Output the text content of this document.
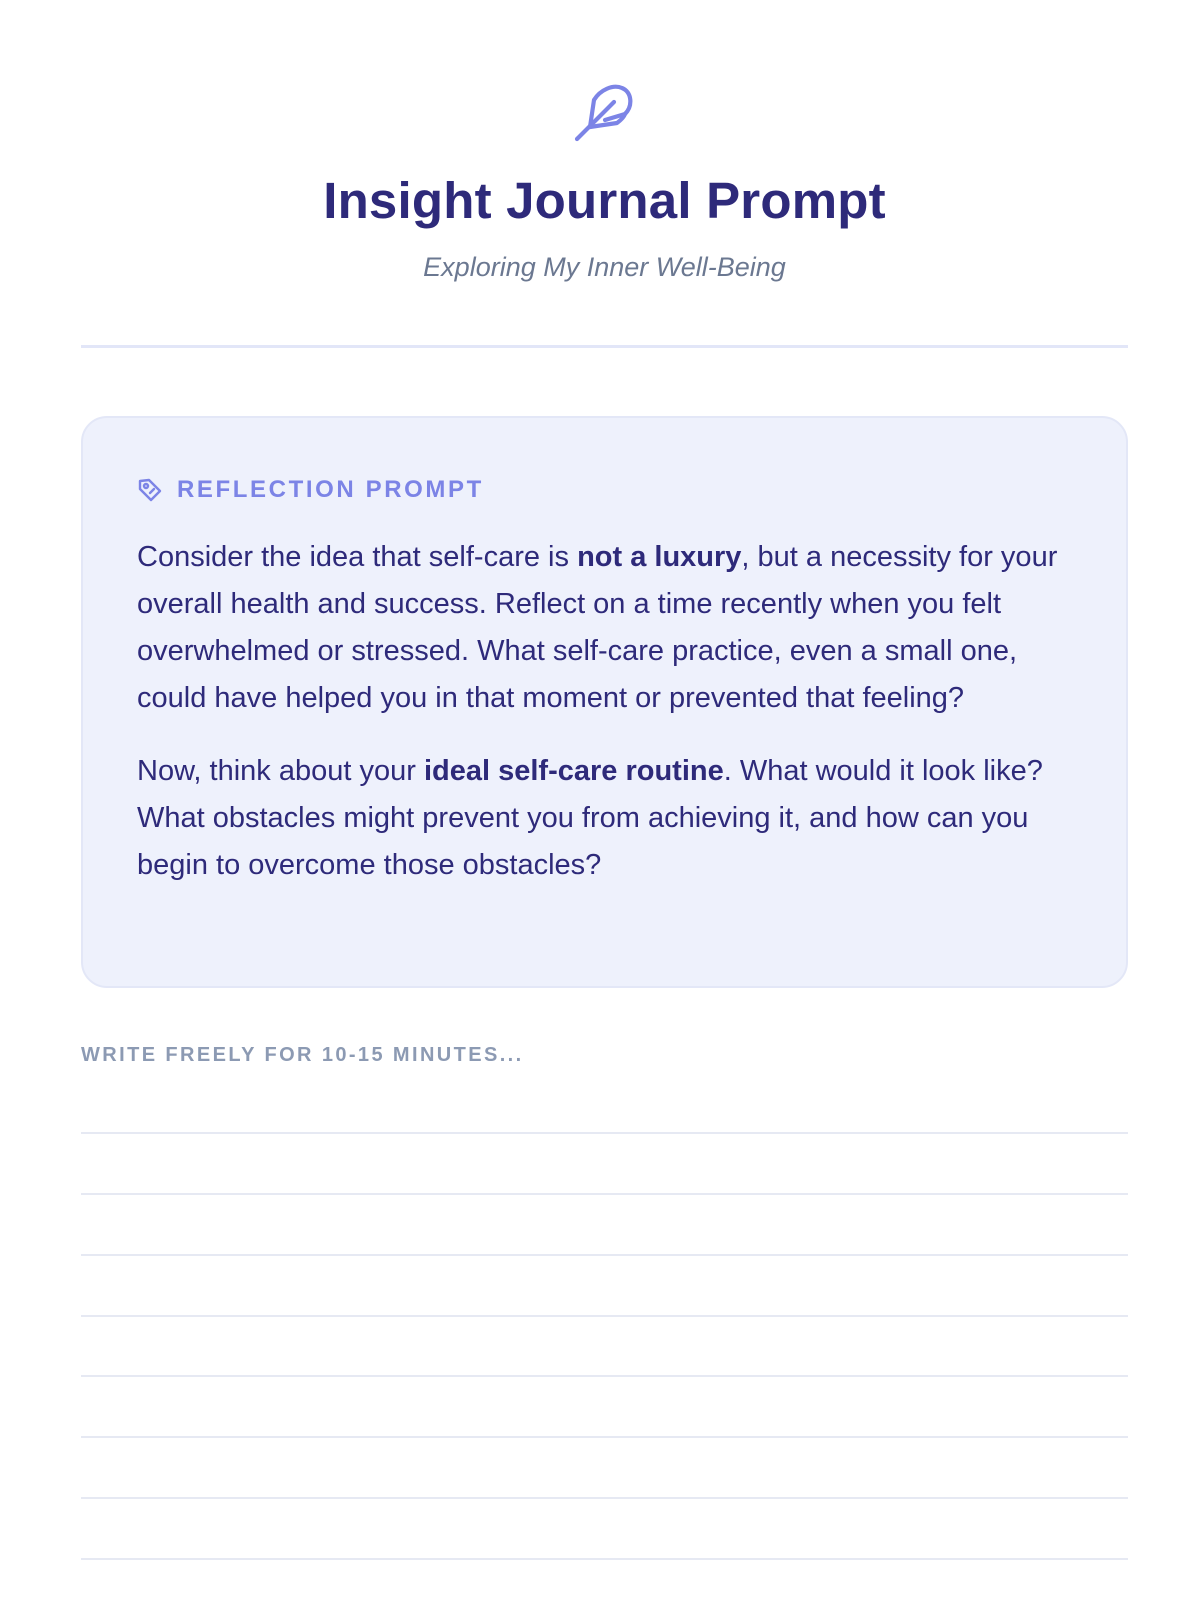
Insight Journal Prompt
Exploring My Inner Well-Being
REFLECTION PROMPT

Consider the idea that self-care is not a luxury, but a necessity for your overall health and success. Reflect on a time recently when you felt overwhelmed or stressed. What self-care practice, even a small one, could have helped you in that moment or prevented that feeling?

Now, think about your ideal self-care routine. What would it look like? What obstacles might prevent you from achieving it, and how can you begin to overcome those obstacles?

WRITE FREELY FOR 10-15 MINUTES...
